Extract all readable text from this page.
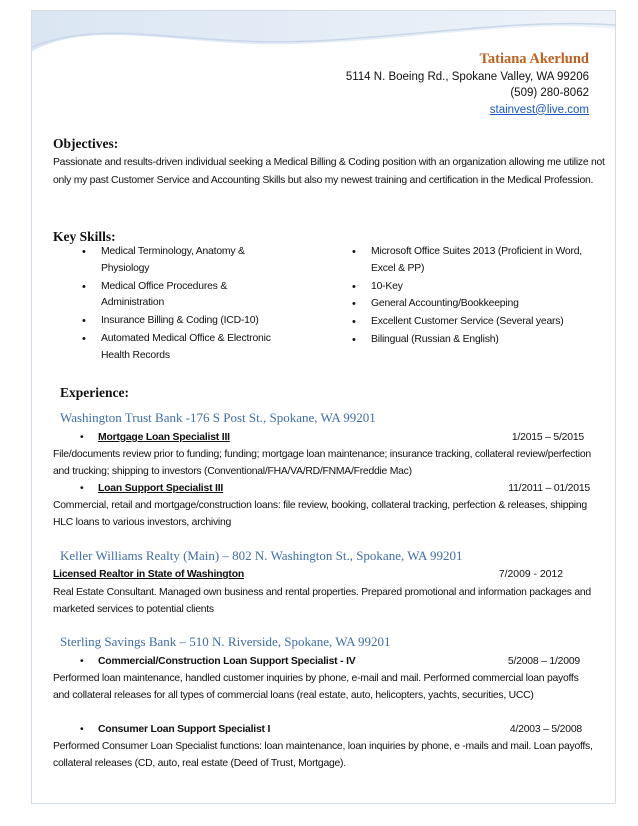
Tatiana Akerlund
5114 N. Boeing Rd., Spokane Valley, WA 99206
(509) 280-8062
stainvest@live.com
Objectives:
Passionate and results-driven individual seeking a Medical Billing & Coding position with an organization allowing me utilize not only my past Customer Service and Accounting Skills but also my newest training and certification in the Medical Profession.
Key Skills:
• Medical Terminology, Anatomy & Physiology
• Medical Office Procedures & Administration
• Insurance Billing & Coding (ICD-10)
• Automated Medical Office & Electronic Health Records
• Microsoft Office Suites 2013 (Proficient in Word, Excel & PP)
• 10-Key
• General Accounting/Bookkeeping
• Excellent Customer Service (Several years)
• Bilingual (Russian & English)
Experience:
Washington Trust Bank -176 S Post St., Spokane, WA 99201
• Mortgage Loan Specialist III	1/2015 – 5/2015
File/documents review prior to funding; funding; mortgage loan maintenance; insurance tracking, collateral review/perfection and trucking; shipping to investors (Conventional/FHA/VA/RD/FNMA/Freddie Mac)
• Loan Support Specialist III	11/2011 – 01/2015
Commercial, retail and mortgage/construction loans: file review, booking, collateral tracking, perfection & releases, shipping HLC loans to various investors, archiving
Keller Williams Realty (Main) – 802 N. Washington St., Spokane, WA 99201
Licensed Realtor in State of Washington	7/2009 - 2012
Real Estate Consultant. Managed own business and rental properties. Prepared promotional and information packages and marketed services to potential clients
Sterling Savings Bank – 510 N. Riverside, Spokane, WA 99201
• Commercial/Construction Loan Support Specialist - IV	5/2008 – 1/2009
Performed loan maintenance, handled customer inquiries by phone, e-mail and mail. Performed commercial loan payoffs and collateral releases for all types of commercial loans (real estate, auto, helicopters, yachts, securities, UCC)
• Consumer Loan Support Specialist I	4/2003 – 5/2008
Performed Consumer Loan Specialist functions: loan maintenance, loan inquiries by phone, e -mails and mail. Loan payoffs, collateral releases (CD, auto, real estate (Deed of Trust, Mortgage).
